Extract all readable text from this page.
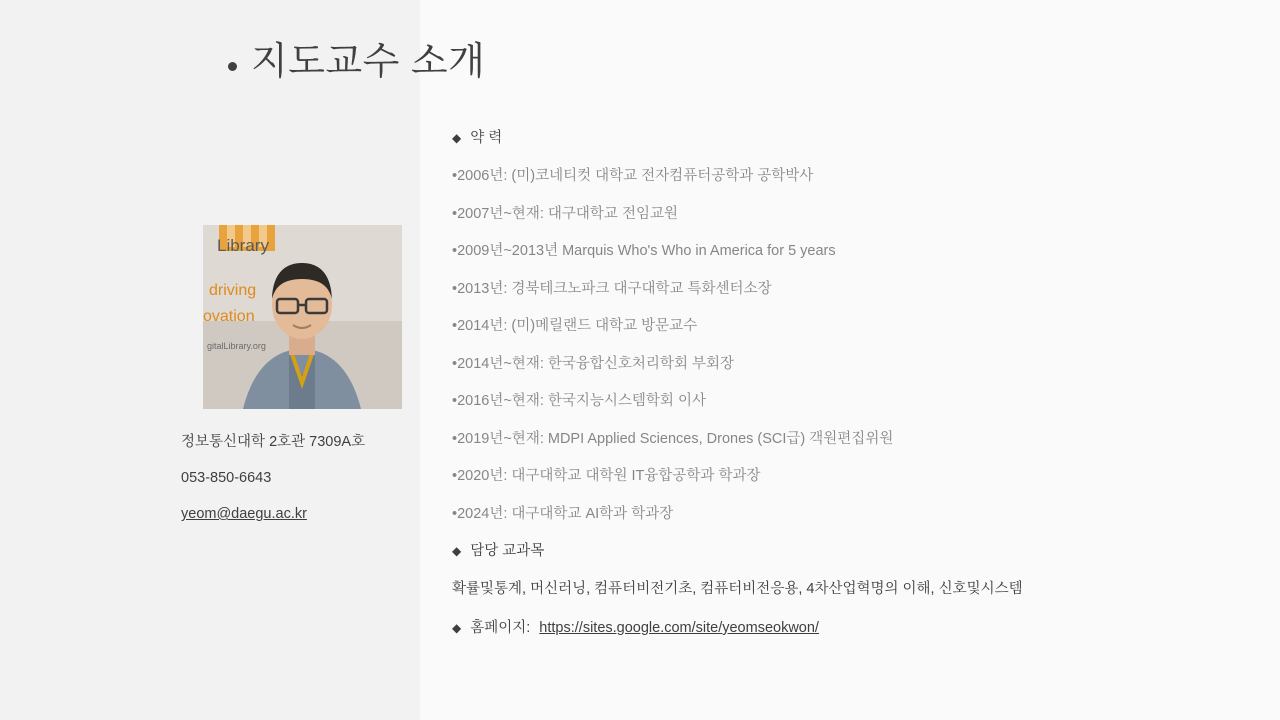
지도교수 소개
Library
driving
ovation
gitalLibrary.org
정보통신대학 2호관 7309A호
053-850-6643
yeom@daegu.ac.kr
◆ 약 력
•2006년: (미)코네티컷 대학교 전자컴퓨터공학과 공학박사
•2007년~현재: 대구대학교 전임교원
•2009년~2013년 Marquis Who's Who in America for 5 years
•2013년: 경북테크노파크 대구대학교 특화센터소장
•2014년: (미)메릴랜드 대학교 방문교수
•2014년~현재: 한국융합신호처리학회 부회장
•2016년~현재: 한국지능시스템학회 이사
•2019년~현재: MDPI Applied Sciences, Drones (SCI급) 객원편집위원
•2020년: 대구대학교 대학원 IT융합공학과 학과장
•2024년: 대구대학교 AI학과 학과장
◆ 담당 교과목
확률및통계, 머신러닝, 컴퓨터비전기초, 컴퓨터비전응용, 4차산업혁명의 이해, 신호및시스템
◆ 홈페이지: https://sites.google.com/site/yeomseokwon/
